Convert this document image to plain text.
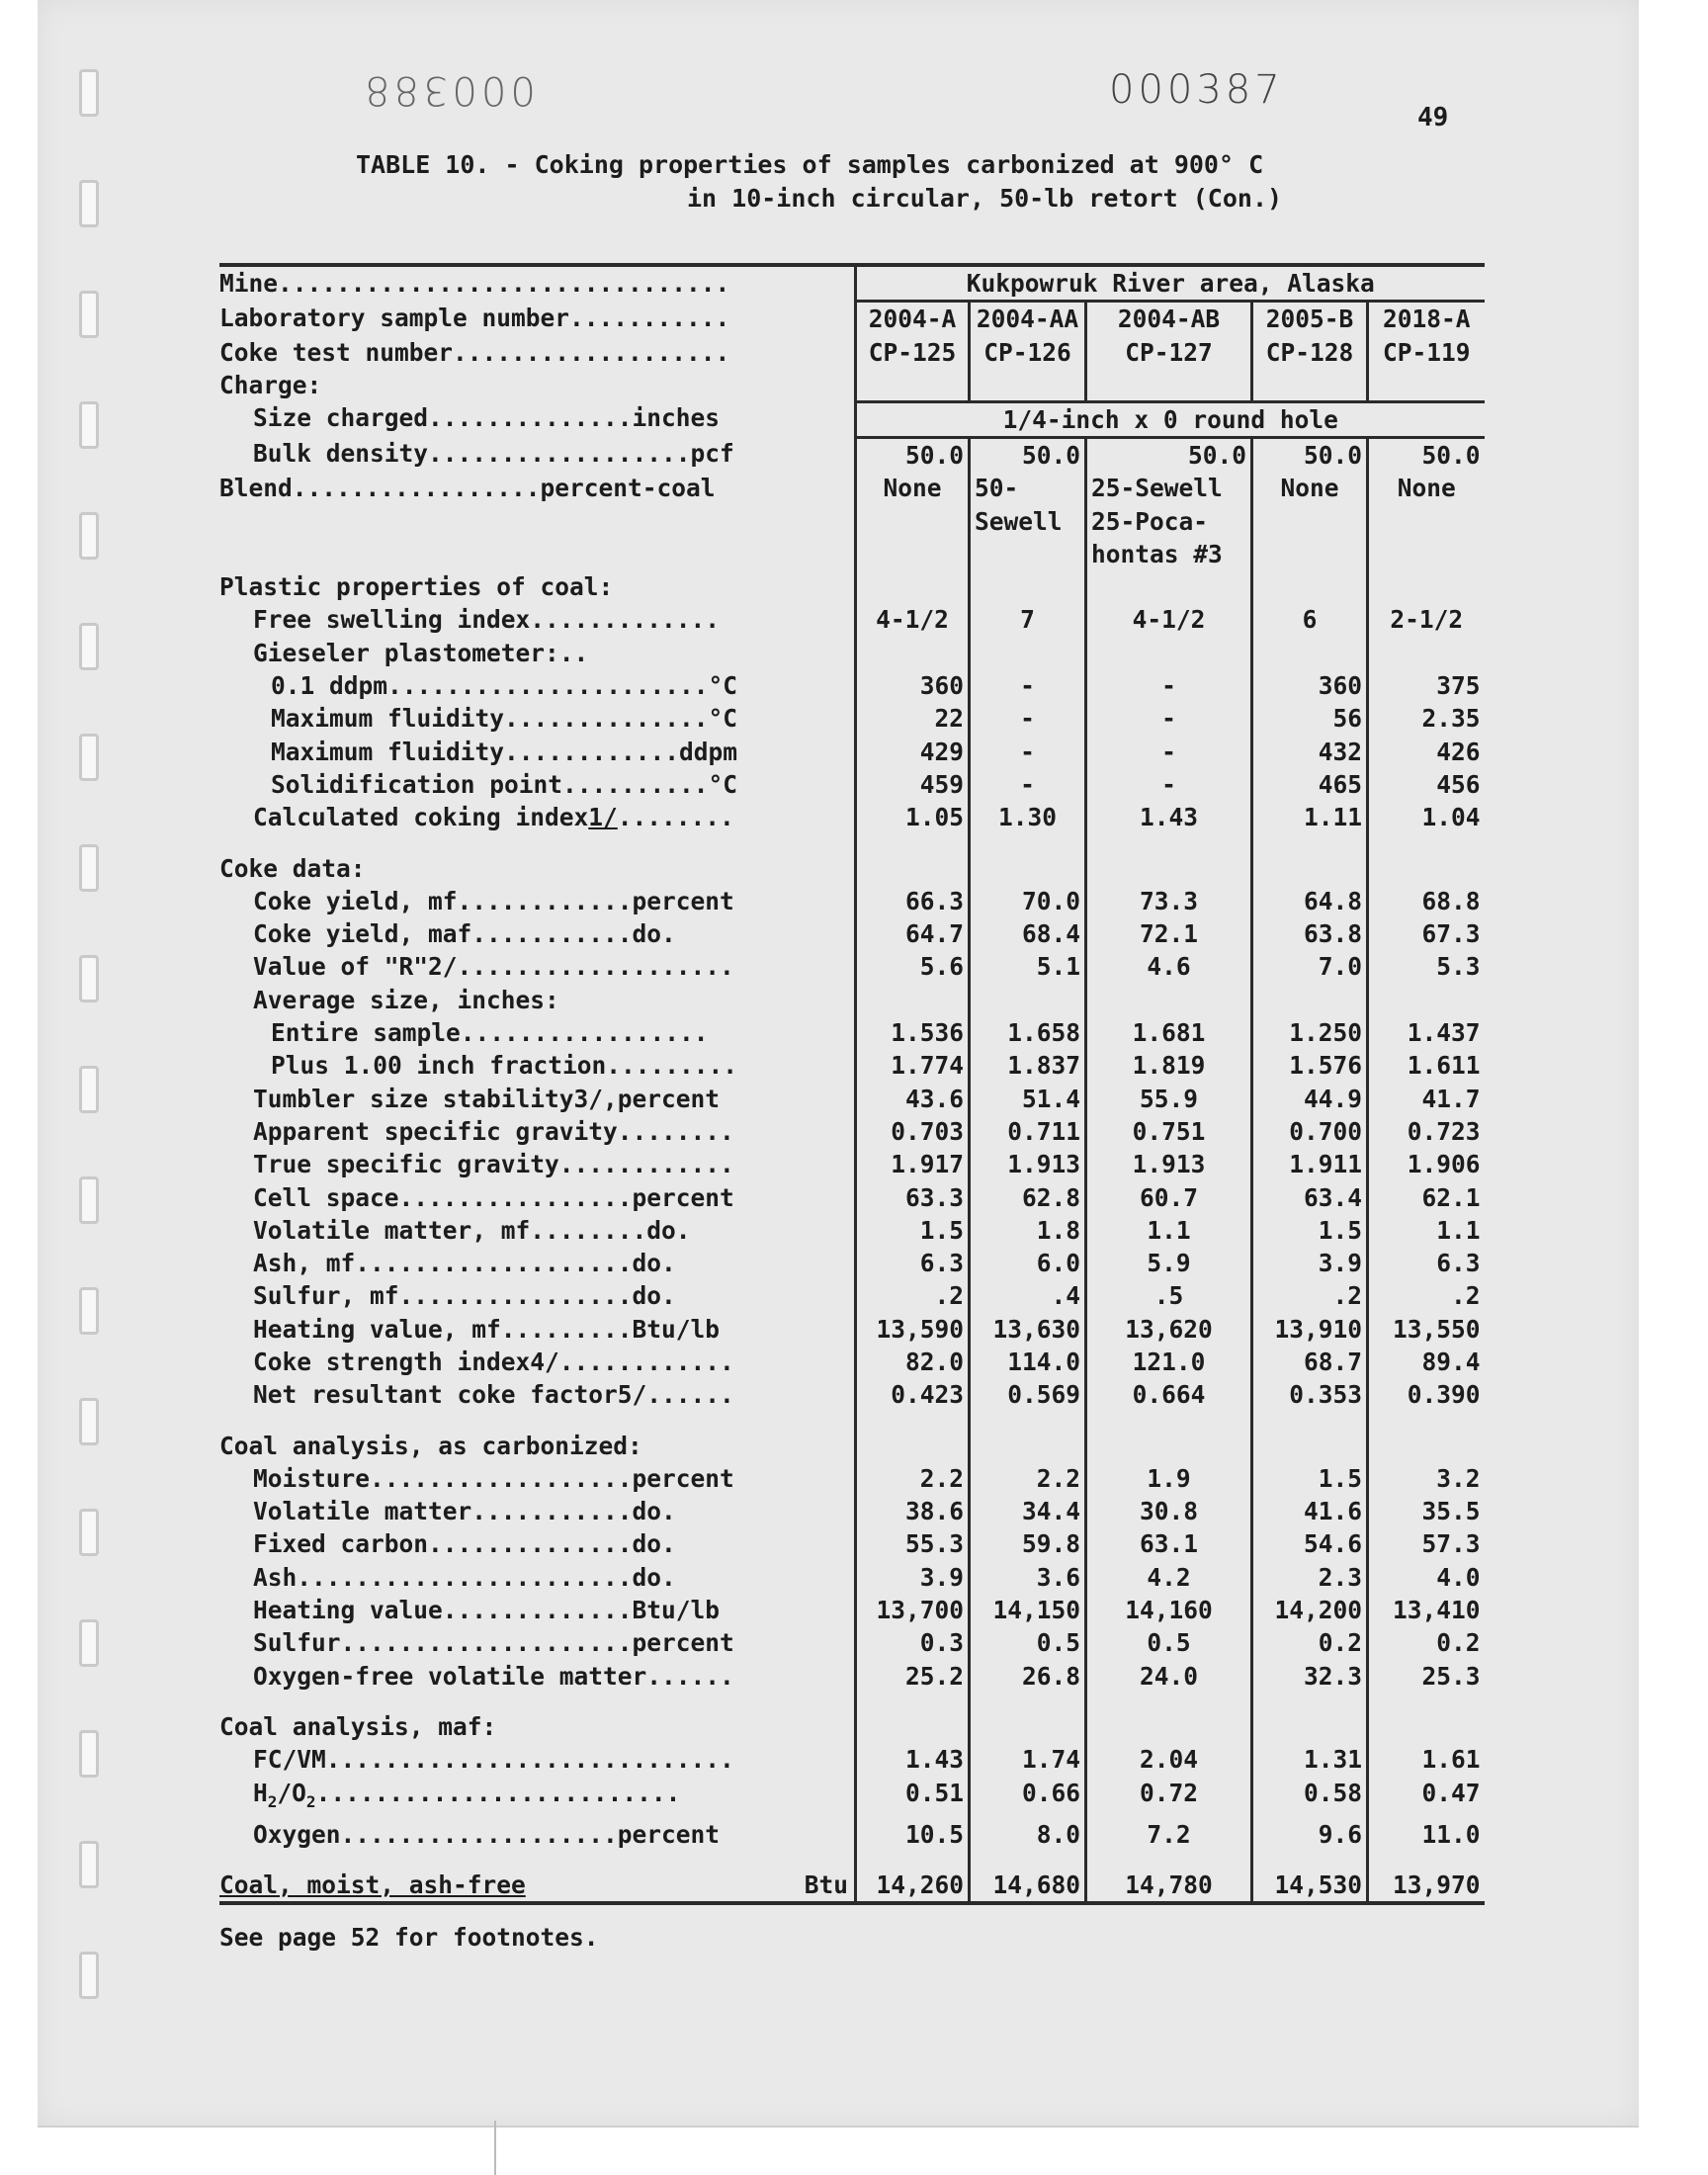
000388	000387
49
TABLE 10. - Coking properties of samples carbonized at 900° C
in 10-inch circular, 50-lb retort (Con.)
Mine...............................	Kukpowruk River area, Alaska				
Laboratory sample number...........	2004-A	2004-AA	2004-AB	2005-B	2018-A
Coke test number...................	CP-125	CP-126	CP-127	CP-128	CP-119
Charge:					
Size charged..............inches	1/4-inch x 0 round hole				
Bulk density..................pcf	50.0	50.0	50.0	50.0	50.0
Blend.................percent-coal	None	50-	25-Sewell	None	None
		Sewell	25-Poca-		
			hontas #3		
Plastic properties of coal:					
Free swelling index.............	4-1/2	7	4-1/2	6	2-1/2
Gieseler plastometer:..					
0.1 ddpm......................°C	360	-	-	360	375
Maximum fluidity..............°C	22	-	-	56	2.35
Maximum fluidity............ddpm	429	-	-	432	426
Solidification point..........°C	459	-	-	465	456
Calculated coking index1/........	1.05	1.30	1.43	1.11	1.04

Coke data:					
Coke yield, mf............percent	66.3	70.0	73.3	64.8	68.8
Coke yield, maf...........do.	64.7	68.4	72.1	63.8	67.3
Value of "R"2/...................	5.6	5.1	4.6	7.0	5.3
Average size, inches:					
Entire sample.................	1.536	1.658	1.681	1.250	1.437
Plus 1.00 inch fraction.........	1.774	1.837	1.819	1.576	1.611
Tumbler size stability3/,percent	43.6	51.4	55.9	44.9	41.7
Apparent specific gravity........	0.703	0.711	0.751	0.700	0.723
True specific gravity............	1.917	1.913	1.913	1.911	1.906
Cell space................percent	63.3	62.8	60.7	63.4	62.1
Volatile matter, mf........do.	1.5	1.8	1.1	1.5	1.1
Ash, mf...................do.	6.3	6.0	5.9	3.9	6.3
Sulfur, mf................do.	.2	.4	.5	.2	.2
Heating value, mf.........Btu/lb	13,590	13,630	13,620	13,910	13,550
Coke strength index4/............	82.0	114.0	121.0	68.7	89.4
Net resultant coke factor5/......	0.423	0.569	0.664	0.353	0.390

Coal analysis, as carbonized:					
Moisture..................percent	2.2	2.2	1.9	1.5	3.2
Volatile matter...........do.	38.6	34.4	30.8	41.6	35.5
Fixed carbon..............do.	55.3	59.8	63.1	54.6	57.3
Ash.......................do.	3.9	3.6	4.2	2.3	4.0
Heating value.............Btu/lb	13,700	14,150	14,160	14,200	13,410
Sulfur....................percent	0.3	0.5	0.5	0.2	0.2
Oxygen-free volatile matter......	25.2	26.8	24.0	32.3	25.3

Coal analysis, maf:					
FC/VM............................	1.43	1.74	2.04	1.31	1.61
$H_2/O_2$.........................	0.51	0.66	0.72	0.58	0.47
Oxygen...................percent	10.5	8.0	7.2	9.6	11.0

Coal, moist, ash-free Btu	14,260	14,680	14,780	14,530	13,970
See page 52 for footnotes.
